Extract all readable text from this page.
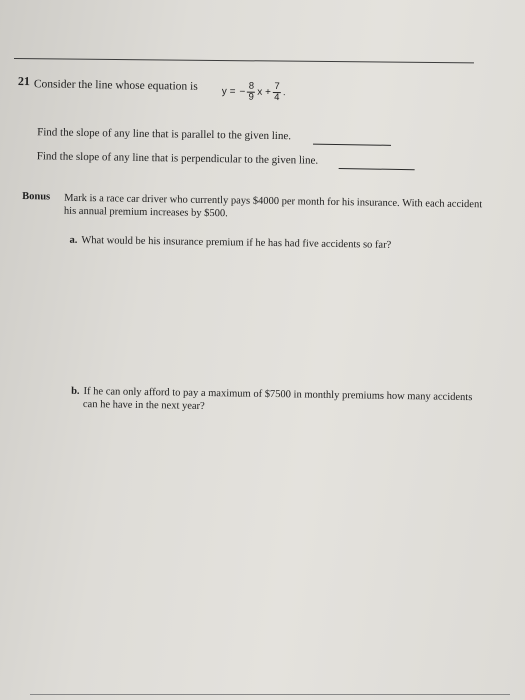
21 Consider the line whose equation is y = − $\frac{8}{9}$ $x + \frac{7}{4}$ .
Find the slope of any line that is parallel to the given line.
Find the slope of any line that is perpendicular to the given line.
Bonus Mark is a race car driver who currently pays $4000 per month for his insurance. With each accident his annual premium increases by $500.
a. What would be his insurance premium if he has had five accidents so far?
b. If he can only afford to pay a maximum of $7500 in monthly premiums how many accidents can he have in the next year?
